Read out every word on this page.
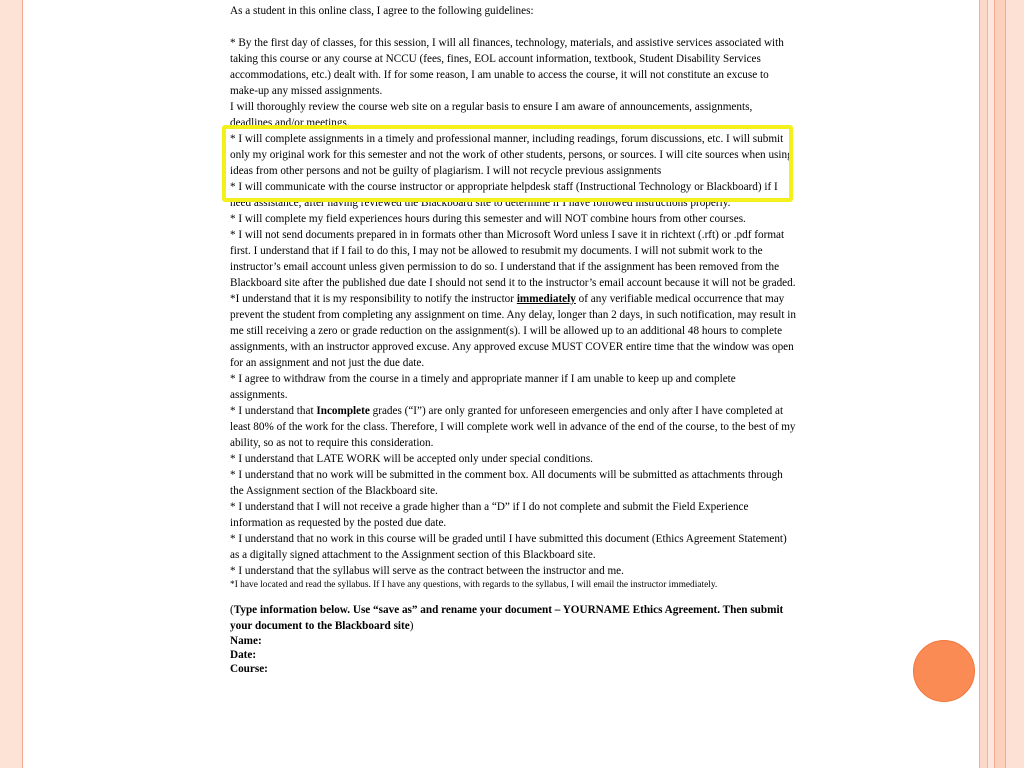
As a student in this online class, I agree to the following guidelines:

* By the first day of classes, for this session, I will all finances, technology, materials, and assistive services associated with taking this course or any course at NCCU (fees, fines, EOL account information, textbook, Student Disability Services accommodations, etc.) dealt with. If for some reason, I am unable to access the course, it will not constitute an excuse to make-up any missed assignments.

I will thoroughly review the course web site on a regular basis to ensure I am aware of announcements, assignments, deadlines and/or meetings.

* I will complete assignments in a timely and professional manner, including readings, forum discussions, etc. I will submit only my original work for this semester and not the work of other students, persons, or sources. I will cite sources when using ideas from other persons and not be guilty of plagiarism. I will not recycle previous assignments

* I will communicate with the course instructor or appropriate helpdesk staff (Instructional Technology or Blackboard) if I need assistance, after having reviewed the Blackboard site to determine if I have followed instructions properly.

* I will complete my field experiences hours during this semester and will NOT combine hours from other courses.

* I will not send documents prepared in in formats other than Microsoft Word unless I save it in richtext (.rft) or .pdf format first. I understand that if I fail to do this, I may not be allowed to resubmit my documents. I will not submit work to the instructor’s email account unless given permission to do so. I understand that if the assignment has been removed from the Blackboard site after the published due date I should not send it to the instructor’s email account because it will not be graded.

*I understand that it is my responsibility to notify the instructor immediately of any verifiable medical occurrence that may prevent the student from completing any assignment on time. Any delay, longer than 2 days, in such notification, may result in me still receiving a zero or grade reduction on the assignment(s). I will be allowed up to an additional 48 hours to complete assignments, with an instructor approved excuse. Any approved excuse MUST COVER entire time that the window was open for an assignment and not just the due date.

* I agree to withdraw from the course in a timely and appropriate manner if I am unable to keep up and complete assignments.

* I understand that Incomplete grades (“I”) are only granted for unforeseen emergencies and only after I have completed at least 80% of the work for the class. Therefore, I will complete work well in advance of the end of the course, to the best of my ability, so as not to require this consideration.

* I understand that LATE WORK will be accepted only under special conditions.

* I understand that no work will be submitted in the comment box. All documents will be submitted as attachments through the Assignment section of the Blackboard site.

* I understand that I will not receive a grade higher than a “D” if I do not complete and submit the Field Experience information as requested by the posted due date.

* I understand that no work in this course will be graded until I have submitted this document (Ethics Agreement Statement) as a digitally signed attachment to the Assignment section of this Blackboard site.

* I understand that the syllabus will serve as the contract between the instructor and me.

*I have located and read the syllabus. If I have any questions, with regards to the syllabus, I will email the instructor immediately.

(Type information below. Use “save as” and rename your document – YOURNAME Ethics Agreement. Then submit your document to the Blackboard site)

Name:

Date:

Course:
